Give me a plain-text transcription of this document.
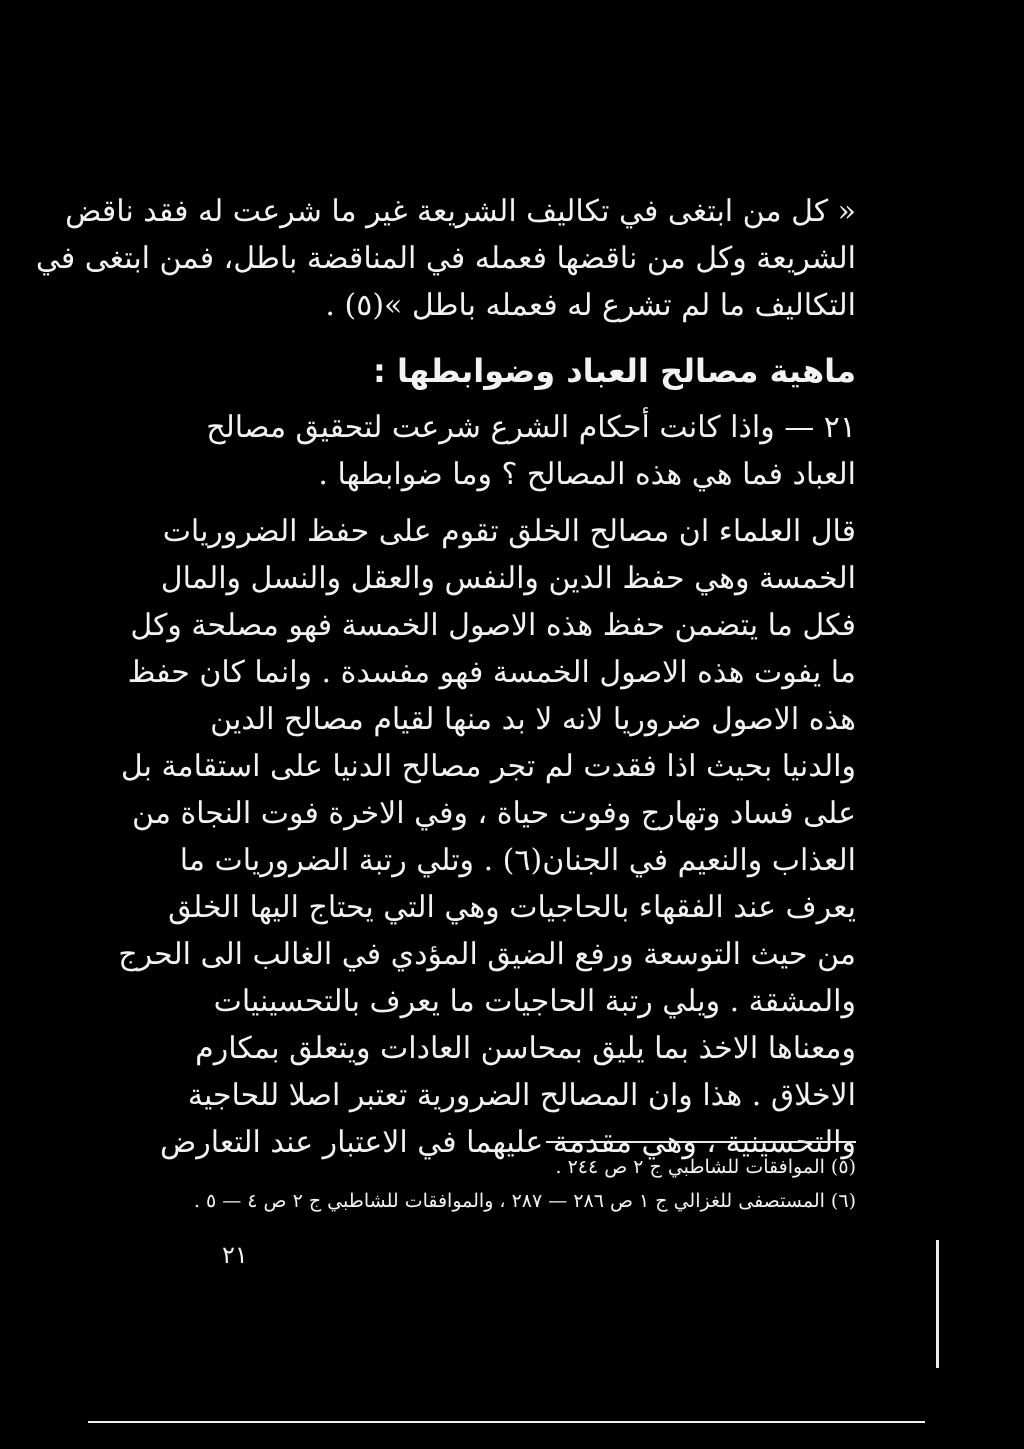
« كل من ابتغى في تكاليف الشريعة غير ما شرعت له فقد ناقض
الشريعة وكل من ناقضها فعمله في المناقضة باطل، فمن ابتغى في
التكاليف ما لم تشرع له فعمله باطل »(٥) .
ماهية مصالح العباد وضوابطها :
٢١ — واذا كانت أحكام الشرع شرعت لتحقيق مصالح
العباد فما هي هذه المصالح ؟ وما ضوابطها .
قال العلماء ان مصالح الخلق تقوم على حفظ الضروريات
الخمسة وهي حفظ الدين والنفس والعقل والنسل والمال
فكل ما يتضمن حفظ هذه الاصول الخمسة فهو مصلحة وكل
ما يفوت هذه الاصول الخمسة فهو مفسدة . وانما كان حفظ
هذه الاصول ضروريا لانه لا بد منها لقيام مصالح الدين
والدنيا بحيث اذا فقدت لم تجر مصالح الدنيا على استقامة بل
على فساد وتهارج وفوت حياة ، وفي الاخرة فوت النجاة من
العذاب والنعيم في الجنان(٦) . وتلي رتبة الضروريات ما
يعرف عند الفقهاء بالحاجيات وهي التي يحتاج اليها الخلق
من حيث التوسعة ورفع الضيق المؤدي في الغالب الى الحرج
والمشقة . ويلي رتبة الحاجيات ما يعرف بالتحسينيات
ومعناها الاخذ بما يليق بمحاسن العادات ويتعلق بمكارم
الاخلاق . هذا وان المصالح الضرورية تعتبر اصلا للحاجية
والتحسينية ، وهي مقدمة عليهما في الاعتبار عند التعارض
(٥) الموافقات للشاطبي ج ٢ ص ٢٤٤ .
(٦) المستصفى للغزالي ج ١ ص ٢٨٦ — ٢٨٧ ، والموافقات للشاطبي ج ٢ ص ٤ — ٥ .
٢١
